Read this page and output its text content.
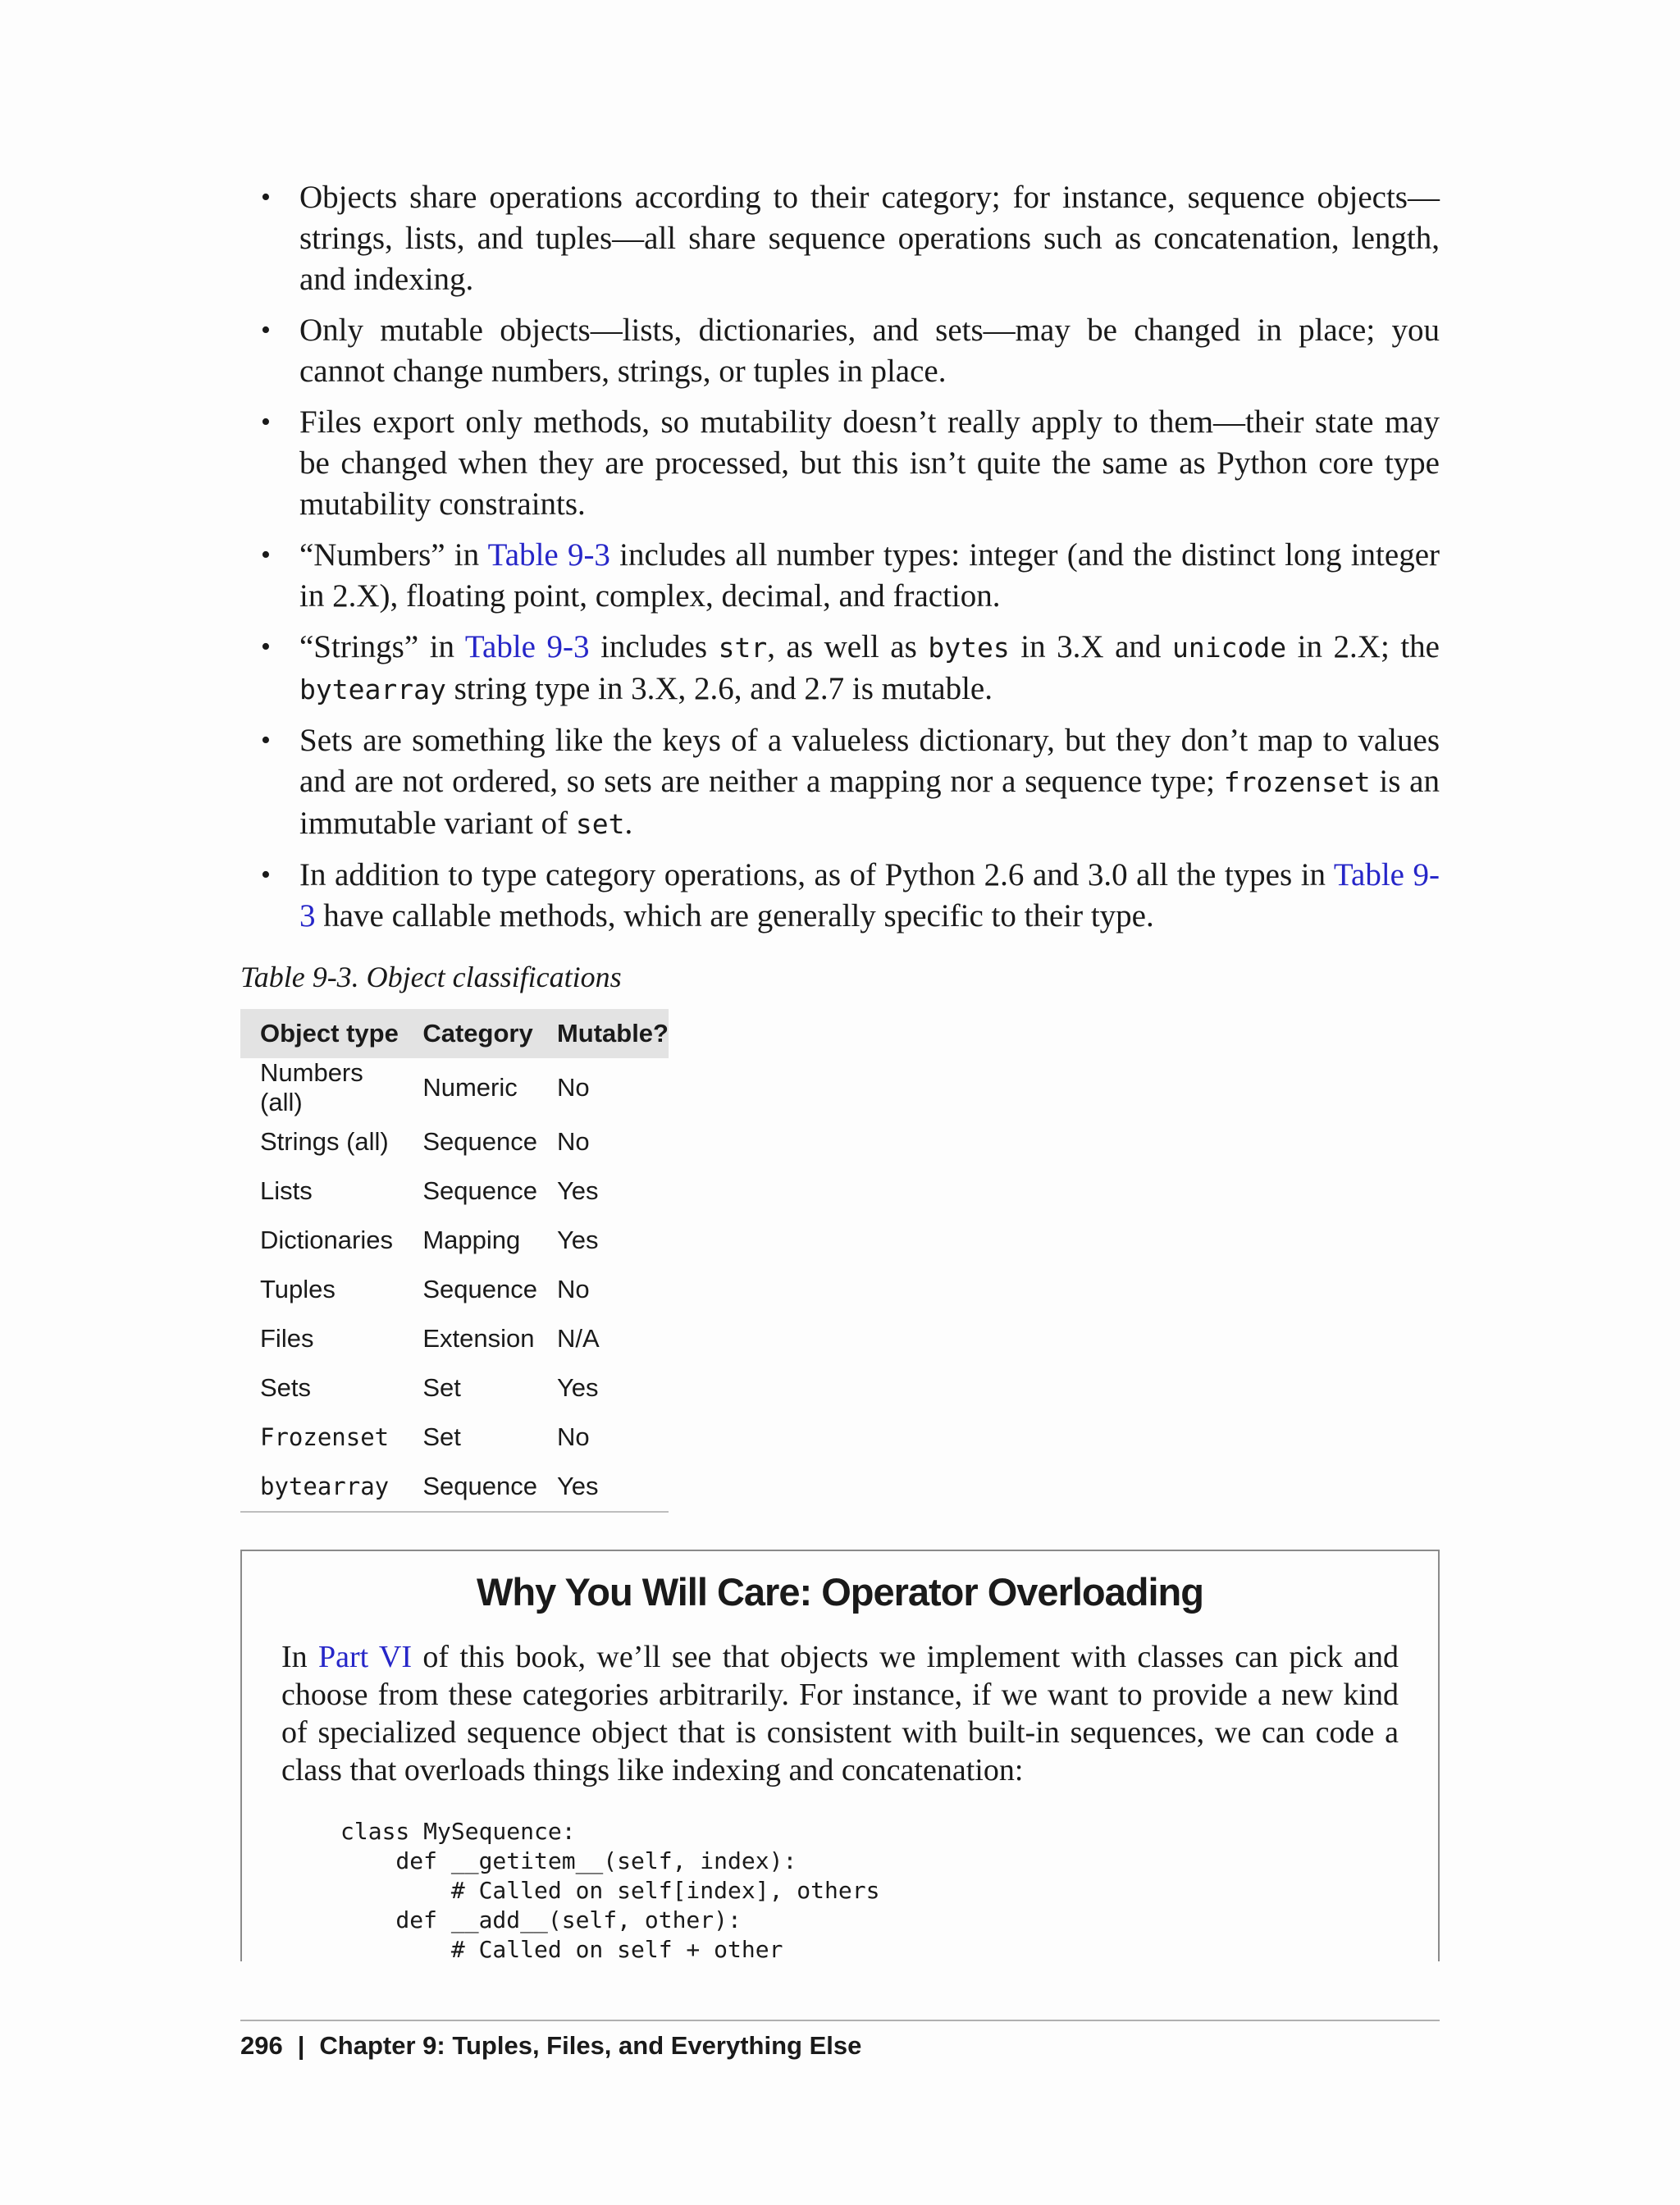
• Objects share operations according to their category; for instance, sequence objects—strings, lists, and tuples—all share sequence operations such as concatenation, length, and indexing.
• Only mutable objects—lists, dictionaries, and sets—may be changed in place; you cannot change numbers, strings, or tuples in place.
• Files export only methods, so mutability doesn’t really apply to them—their state may be changed when they are processed, but this isn’t quite the same as Python core type mutability constraints.
• “Numbers” in Table 9-3 includes all number types: integer (and the distinct long integer in 2.X), floating point, complex, decimal, and fraction.
• “Strings” in Table 9-3 includes str, as well as bytes in 3.X and unicode in 2.X; the bytearray string type in 3.X, 2.6, and 2.7 is mutable.
• Sets are something like the keys of a valueless dictionary, but they don’t map to values and are not ordered, so sets are neither a mapping nor a sequence type; frozenset is an immutable variant of set.
• In addition to type category operations, as of Python 2.6 and 3.0 all the types in Table 9-3 have callable methods, which are generally specific to their type.
Table 9-3. Object classifications
Object type	Category	Mutable?
Numbers (all)	Numeric	No
Strings (all)	Sequence	No
Lists	Sequence	Yes
Dictionaries	Mapping	Yes
Tuples	Sequence	No
Files	Extension	N/A
Sets	Set	Yes
Frozenset	Set	No
bytearray	Sequence	Yes
Why You Will Care: Operator Overloading
In Part VI of this book, we’ll see that objects we implement with classes can pick and choose from these categories arbitrarily. For instance, if we want to provide a new kind of specialized sequence object that is consistent with built-in sequences, we can code a class that overloads things like indexing and concatenation:
class MySequence:
def __getitem__(self, index):
# Called on self[index], others
def __add__(self, other):
# Called on self + other
296 | Chapter 9: Tuples, Files, and Everything Else
